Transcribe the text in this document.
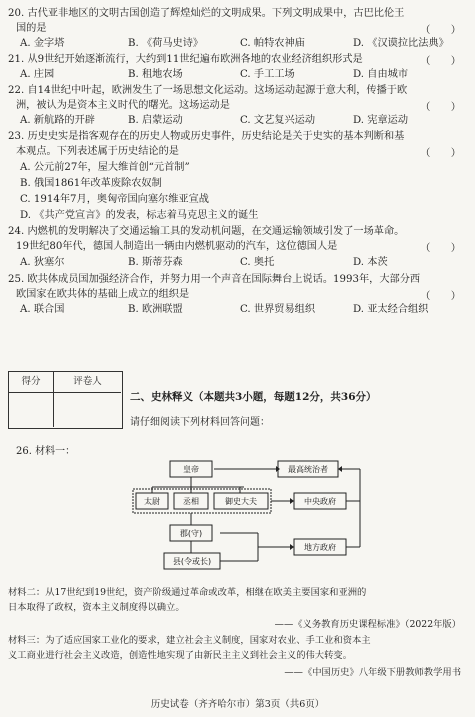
20. 古代亚非地区的文明古国创造了辉煌灿烂的文明成果。下列文明成果中，古巴比伦王
国的是	（　　）
A. 金字塔	B. 《荷马史诗》	C. 帕特农神庙	D. 《汉谟拉比法典》
21. 从9世纪开始逐渐流行，大约到11世纪遍布欧洲各地的农业经济组织形式是	（　　）
A. 庄园	B. 租地农场	C. 手工工场	D. 自由城市
22. 自14世纪中叶起，欧洲发生了一场思想文化运动。这场运动起源于意大利，传播于欧
洲，被认为是资本主义时代的曙光。这场运动是	（　　）
A. 新航路的开辟	B. 启蒙运动	C. 文艺复兴运动	D. 宪章运动
23. 历史史实是指客观存在的历史人物或历史事件，历史结论是关于史实的基本判断和基
本观点。下列表述属于历史结论的是	（　　）
A. 公元前27年，屋大维首创“元首制”
B. 俄国1861年改革废除农奴制
C. 1914年7月，奥匈帝国向塞尔维亚宣战
D. 《共产党宣言》的发表，标志着马克思主义的诞生
24. 内燃机的发明解决了交通运输工具的发动机问题，在交通运输领域引发了一场革命。
19世纪80年代，德国人制造出一辆由内燃机驱动的汽车，这位德国人是	（　　）
A. 狄塞尔	B. 斯蒂芬森	C. 奥托	D. 本茨
25. 欧共体成员国加强经济合作，并努力用一个声音在国际舞台上说话。1993年，大部分西
欧国家在欧共体的基础上成立的组织是	（　　）
A. 联合国	B. 欧洲联盟	C. 世界贸易组织	D. 亚太经合组织
得分	评卷人
二、史林释义（本题共3小题，每题12分，共36分）
请仔细阅读下列材料回答问题：
26. 材料一：
皇帝	最高统治者
太尉	丞相	御史大夫	中央政府
郡(守)
县(令或长)
地方政府
材料二：从17世纪到19世纪，资产阶级通过革命或改革，相继在欧美主要国家和亚洲的
日本取得了政权，资本主义制度得以确立。
——《义务教育历史课程标准》（2022年版）
材料三：为了适应国家工业化的要求，建立社会主义制度，国家对农业、手工业和资本主
义工商业进行社会主义改造，创造性地实现了由新民主主义到社会主义的伟大转变。
——《中国历史》八年级下册教师教学用书
历史试卷（齐齐哈尔市）第3页（共6页）
